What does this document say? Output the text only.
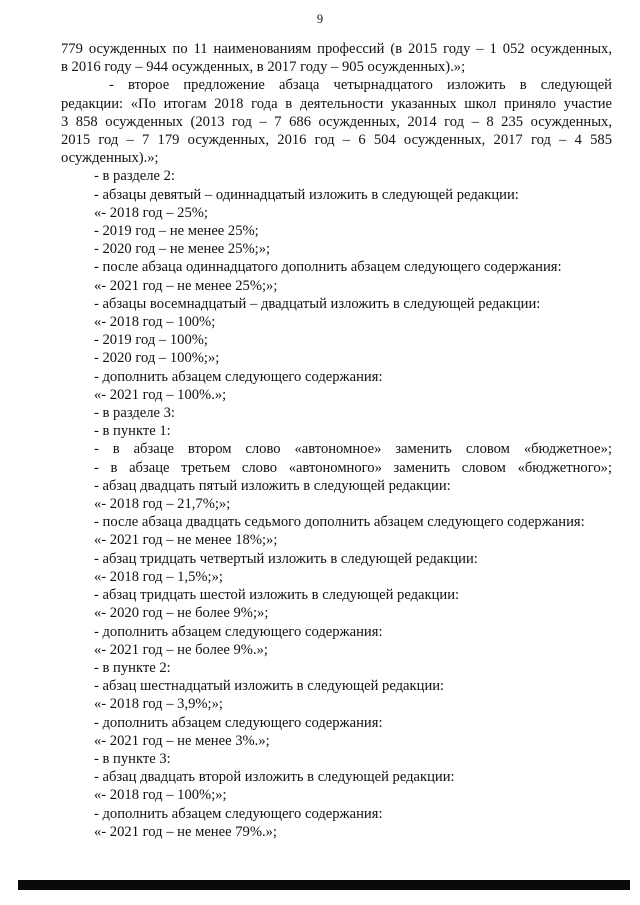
9
779 осужденных по 11 наименованиям профессий (в 2015 году – 1 052 осужденных,
в 2016 году – 944 осужденных, в 2017 году – 905 осужденных).»;
- второе предложение абзаца четырнадцатого изложить в следующей
редакции: «По итогам 2018 года в деятельности указанных школ приняло участие
3 858 осужденных (2013 год – 7 686 осужденных, 2014 год – 8 235 осужденных,
2015 год – 7 179 осужденных, 2016 год – 6 504 осужденных, 2017 год – 4 585
осужденных).»;
- в разделе 2:
- абзацы девятый – одиннадцатый изложить в следующей редакции:
«- 2018 год – 25%;
- 2019 год – не менее 25%;
- 2020 год – не менее 25%;»;
- после абзаца одиннадцатого дополнить абзацем следующего содержания:
«- 2021 год – не менее 25%;»;
- абзацы восемнадцатый – двадцатый изложить в следующей редакции:
«- 2018 год – 100%;
- 2019 год – 100%;
- 2020 год – 100%;»;
- дополнить абзацем следующего содержания:
«- 2021 год – 100%.»;
- в разделе 3:
- в пункте 1:
- в абзаце втором слово «автономное» заменить словом «бюджетное»;
- в абзаце третьем слово «автономного» заменить словом «бюджетного»;
- абзац двадцать пятый изложить в следующей редакции:
«- 2018 год – 21,7%;»;
- после абзаца двадцать седьмого дополнить абзацем следующего содержания:
«- 2021 год – не менее 18%;»;
- абзац тридцать четвертый изложить в следующей редакции:
«- 2018 год – 1,5%;»;
- абзац тридцать шестой изложить в следующей редакции:
«- 2020 год – не более 9%;»;
- дополнить абзацем следующего содержания:
«- 2021 год – не более 9%.»;
- в пункте 2:
- абзац шестнадцатый изложить в следующей редакции:
«- 2018 год – 3,9%;»;
- дополнить абзацем следующего содержания:
«- 2021 год – не менее 3%.»;
- в пункте 3:
- абзац двадцать второй изложить в следующей редакции:
«- 2018 год – 100%;»;
- дополнить абзацем следующего содержания:
«- 2021 год – не менее 79%.»;
